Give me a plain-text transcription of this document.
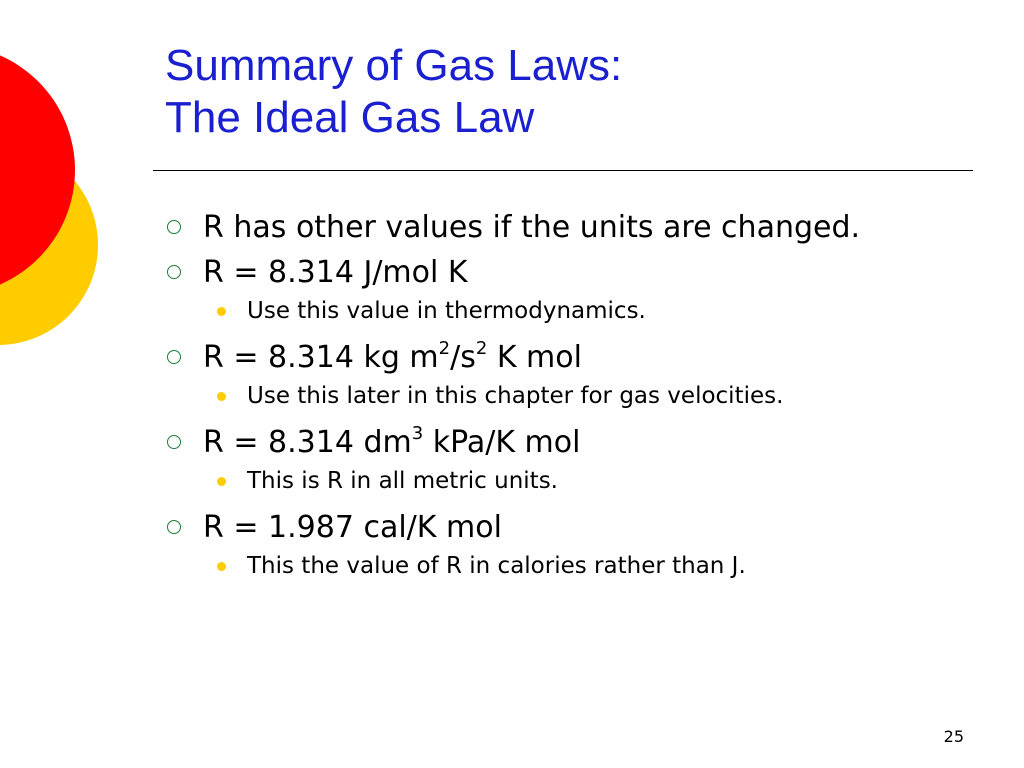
Summary of Gas Laws:
The Ideal Gas Law
R has other values if the units are changed.
R = 8.314 J/mol K
Use this value in thermodynamics.
R = 8.314 kg $m^2/s^2$ K mol
Use this later in this chapter for gas velocities.
R = 8.314 $dm^3$ kPa/K mol
This is R in all metric units.
R = 1.987 cal/K mol
This the value of R in calories rather than J.
25
